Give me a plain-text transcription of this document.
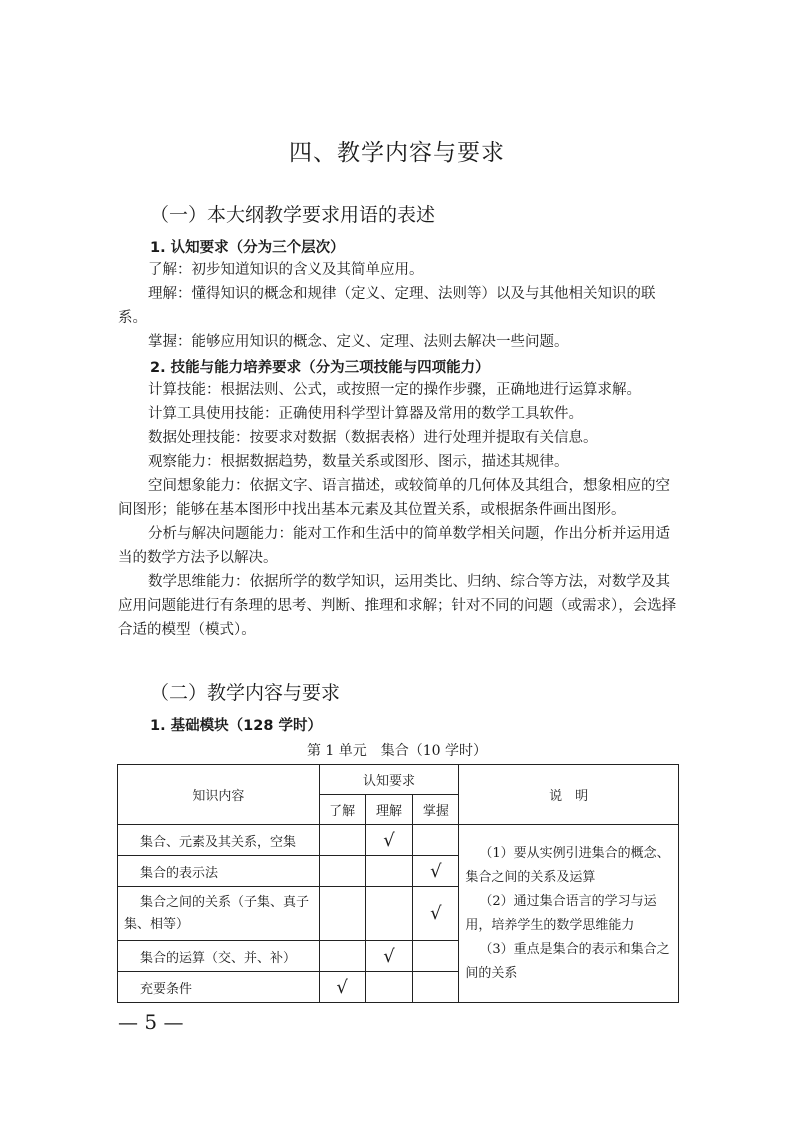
四、教学内容与要求
（一）本大纲教学要求用语的表述
1. 认知要求（分为三个层次）
了解：初步知道知识的含义及其简单应用。
理解：懂得知识的概念和规律（定义、定理、法则等）以及与其他相关知识的联系。
掌握：能够应用知识的概念、定义、定理、法则去解决一些问题。
2. 技能与能力培养要求（分为三项技能与四项能力）
计算技能：根据法则、公式，或按照一定的操作步骤，正确地进行运算求解。
计算工具使用技能：正确使用科学型计算器及常用的数学工具软件。
数据处理技能：按要求对数据（数据表格）进行处理并提取有关信息。
观察能力：根据数据趋势，数量关系或图形、图示，描述其规律。
空间想象能力：依据文字、语言描述，或较简单的几何体及其组合，想象相应的空间图形；能够在基本图形中找出基本元素及其位置关系，或根据条件画出图形。
分析与解决问题能力：能对工作和生活中的简单数学相关问题，作出分析并运用适当的数学方法予以解决。
数学思维能力：依据所学的数学知识，运用类比、归纳、综合等方法，对数学及其应用问题能进行有条理的思考、判断、推理和求解；针对不同的问题（或需求），会选择合适的模型（模式）。
（二）教学内容与要求
1. 基础模块（128 学时）
第 1 单元　集合（10 学时）
知识内容	认知要求			说　明
	了解	理解	掌握	
集合、元素及其关系，空集		√		（1）要从实例引进集合的概念、集合之间的关系及运算
（2）通过集合语言的学习与运用，培养学生的数学思维能力
（3）重点是集合的表示和集合之间的关系

集合的表示法			√	
集合之间的关系（子集、真子集、相等）			√	
集合的运算（交、并、补）		√		
充要条件	√			
— 5 —
